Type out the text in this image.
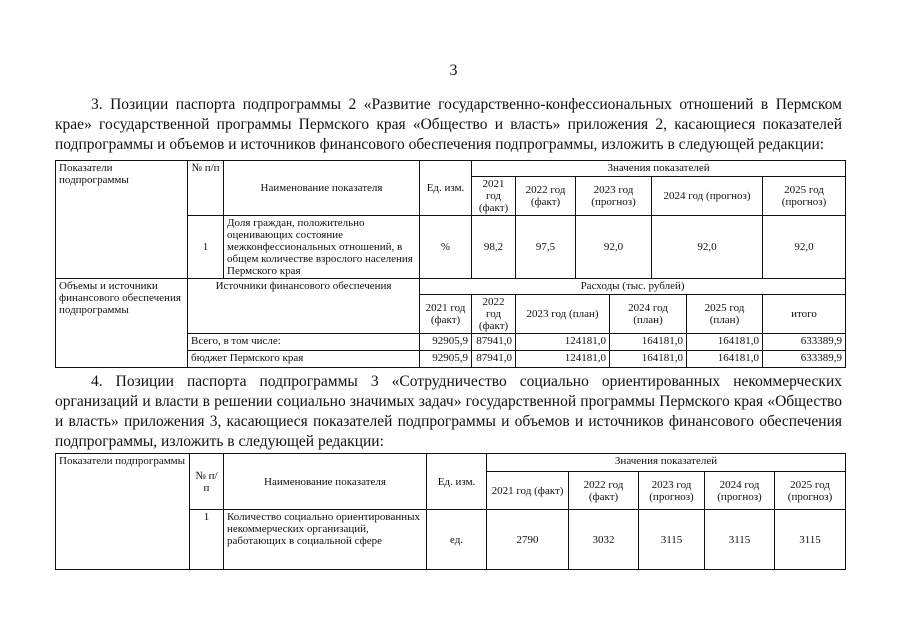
3

3. Позиции паспорта подпрограммы 2 «Развитие государственно-конфессиональных отношений в Пермском крае» государственной программы Пермского края «Общество и власть» приложения 2, касающиеся показателей подпрограммы и объемов и источников финансового обеспечения подпрограммы, изложить в следующей редакции:

Показатели подпрограммы	№ п/п	Наименование показателя	Ед. изм.	Значения показателей						
				2021 год (факт)	2022 год (факт)	2023 год (прогноз)		2024 год (прогноз)		2025 год (прогноз)
	1	Доля граждан, положительно оценивающих состояние межконфессиональных отношений, в общем количестве взрослого населения Пермского края	%	98,2	97,5	92,0		92,0		92,0
Объемы и источники финансового обеспечения подпрограммы	Источники финансового обеспечения		Расходы (тыс. рублей)							
			2021 год (факт)	2022 год (факт)	2023 год (план)		2024 год (план)		2025 год (план)	итого
	Всего, в том числе:		92905,9	87941,0	124181,0		164181,0		164181,0	633389,9
	бюджет Пермского края		92905,9	87941,0	124181,0		164181,0		164181,0	633389,9

4. Позиции паспорта подпрограммы 3 «Сотрудничество социально ориентированных некоммерческих организаций и власти в решении социально значимых задач» государственной программы Пермского края «Общество и власть» приложения 3, касающиеся показателей подпрограммы и объемов и источников финансового обеспечения подпрограммы, изложить в следующей редакции:

Показатели подпрограммы	№ п/п	Наименование показателя	Ед. изм.	Значения показателей				
				2021 год (факт)	2022 год (факт)	2023 год (прогноз)	2024 год (прогноз)	2025 год (прогноз)
	1	Количество социально ориентированных некоммерческих организаций, работающих в социальной сфере	ед.	2790	3032	3115	3115	3115
